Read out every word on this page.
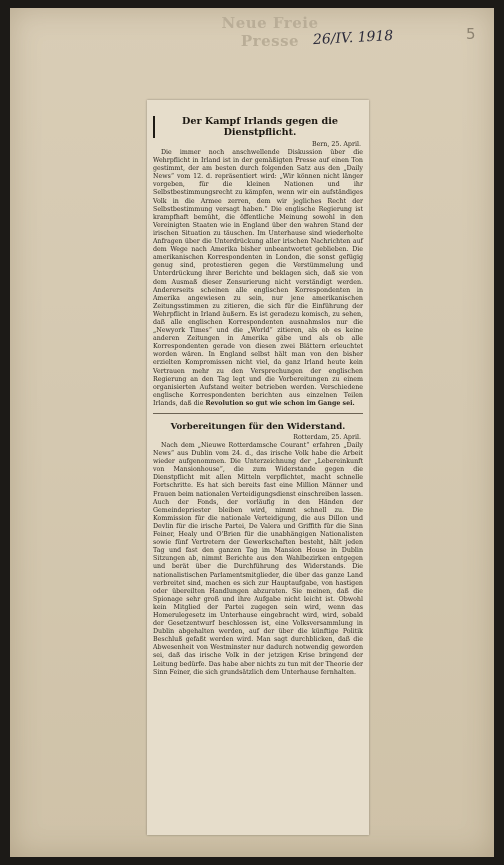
Neue Freie Presse 26/IV. 1918	5
Der Kampf Irlands gegen die Dienstpflicht.
Bern, 25. April.

Die immer noch anschwellende Diskussion über die Wehrpflicht in Irland ist in der gemäßigten Presse auf einen Ton gestimmt, der am besten durch folgenden Satz aus den „Daily News“ vom 12. d. repräsentiert wird: „Wir können nicht länger vorgeben, für die kleinen Nationen und ihr Selbstbestimmungsrecht zu kämpfen, wenn wir ein aufständiges Volk in die Armee zerren, dem wir jegliches Recht der Selbstbestimmung versagt haben.“ Die englische Regierung ist krampfhaft bemüht, die öffentliche Meinung sowohl in den Vereinigten Staaten wie in England über den wahren Stand der irischen Situation zu täuschen. Im Unterhause sind wiederholte Anfragen über die Unterdrückung aller irischen Nachrichten auf dem Wege nach Amerika bisher unbeantwortet geblieben. Die amerikanischen Korrespondenten in London, die sonst gefügig genug sind, protestieren gegen die Verstümmelung und Unterdrückung ihrer Berichte und beklagen sich, daß sie von dem Ausmaß dieser Zensurierung nicht verständigt werden. Andererseits scheinen alle englischen Korrespondenten in Amerika angewiesen zu sein, nur jene amerikanischen Zeitungsstimmen zu zitieren, die sich für die Einführung der Wehrpflicht in Irland äußern. Es ist geradezu komisch, zu sehen, daß alle englischen Korrespondenten ausnahmslos nur die „Newyork Times“ und die „World“ zitieren, als ob es keine anderen Zeitungen in Amerika gäbe und als ob alle Korrespondenten gerade von diesen zwei Blättern erleuchtet worden wären. In England selbst hält man von den bisher erzielten Kompromissen nicht viel, da ganz Irland heute kein Vertrauen mehr zu den Versprechungen der englischen Regierung an den Tag legt und die Vorbereitungen zu einem organisierten Aufstand weiter betrieben werden. Verschiedene englische Korrespondenten berichten aus einzelnen Teilen Irlands, daß die Revolution so gut wie schon im Gange sei.

Vorbereitungen für den Widerstand.
Rotterdam, 25. April.

Nach dem „Nieuwe Rotterdamsche Courant“ erfahren „Daily News“ aus Dublin vom 24. d., das irische Volk habe die Arbeit wieder aufgenommen. Die Unterzeichnung der „Lebereinkunft von Mansionhouse“, die zum Widerstande gegen die Dienstpflicht mit allen Mitteln verpflichtet, macht schnelle Fortschritte. Es hat sich bereits fast eine Million Männer und Frauen beim nationalen Verteidigungsdienst einschreiben lassen. Auch der Fonds, der vorläufig in den Händen der Gemeindepriester bleiben wird, nimmt schnell zu. Die Kommission für die nationale Verteidigung, die aus Dillon und Devlin für die irische Partei, De Valera und Griffith für die Sinn Feiner, Healy und O'Brien für die unabhängigen Nationalisten sowie fünf Vertretern der Gewerkschaften besteht, hält jeden Tag und fast den ganzen Tag im Mansion House in Dublin Sitzungen ab, nimmt Berichte aus den Wahlbezirken entgegen und berät über die Durchführung des Widerstands. Die nationalistischen Parlamentsmitglieder, die über das ganze Land verbreitet sind, machen es sich zur Hauptaufgabe, von hastigen oder übereilten Handlungen abzuraten. Sie meinen, daß die Spionage sehr groß und ihre Aufgabe nicht leicht ist. Obwohl kein Mitglied der Partei zugegen sein wird, wenn das Homerulegesetz im Unterhause eingebracht wird, wird, sobald der Gesetzentwurf beschlossen ist, eine Volksversammlung in Dublin abgehalten werden, auf der über die künftige Politik Beschluß gefaßt werden wird. Man sagt durchblicken, daß die Abwesenheit von Westminster nur dadurch notwendig geworden sei, daß das irische Volk in der jetzigen Krise bringend der Leitung bedürfe. Das habe aber nichts zu tun mit der Theorie der Sinn Feiner, die sich grundsätzlich dem Unterhause fernhalten.
